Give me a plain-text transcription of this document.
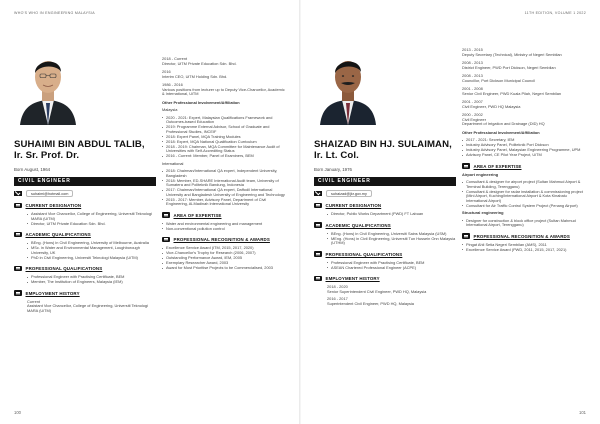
WHO'S WHO IN ENGINEERING MALAYSIA
SUHAIMI BIN ABDUL TALIB, Ir. Sr. Prof. Dr.
Born August, 1964
CIVIL ENGINEER
suhaimi@hotmail.com
CURRENT DESIGNATION
Assistant Vice Chancellor, College of Engineering, Universiti Teknologi MARA (UiTM)
Director, UiTM Private Education Sdn. Bhd.
ACADEMIC QUALIFICATIONS
BEng. (Hons) in Civil Engineering, University of Melbourne, Australia
MSc. in Water and Environmental Management, Loughborough University, UK
PhD in Civil Engineering, Universiti Teknologi Malaysia (UiTM)
PROFESSIONAL QUALIFICATIONS
Professional Engineer with Practising Certificate, BEM
Member, The Institution of Engineers, Malaysia (IEM)
EMPLOYMENT HISTORY

Current

Assistant Vice Chancellor, College of Engineering, Universiti Teknologi MARA (UiTM)

2018 - Current

Director, UiTM Private Education Sdn. Bhd.

2016

Interim CEO, UiTM Holding Sdn. Bhd.

1986 - 2016

Various positions from lecturer up to Deputy Vice-Chancellor, Academic & International, UiTM

Other Professional Involvement/Affiliation
Malaysia
2020 - 2021: Expert, Malaysian Qualifications Framework and Outcomes-based Education
2019: Programme External Advisor, School of Graduate and Professional Studies, INCEIF
2018: Expert Panel, MQA Training Modules
2018: Expert, MQA National Qualification Curriculum
2018 - 2019: Chairman, MQA Committee for Maintenance Audit of Universities with Self-Accrediting Status
2016 - Current: Member, Panel of Examiners, BEM
International
2018: Chairman/International QA expert, Independent University, Bangladesh
2018: Member, ED-SHARE International Audit team, University of Sumatera and Politeknik Bandung, Indonesia
2017: Chairman/International QA expert, Daffodil International University and Bangladesh University of Engineering and Technology
2015 - 2017: Member, Advisory Panel, Department of Civil Engineering, Al-Madinah International University
AREA OF EXPERTISE
Water and environmental engineering and management
Non-conventional pollution control
PROFESSIONAL RECOGNITION & AWARDS
Excellence Service Award (ITM, 2015, 2017, 2020)
Vice-Chancellor's Trophy for Research (2006, 2007)
Outstanding Performance Award, IEM, 2005
Exemplary Researcher Award, 2003
Award for Most Prioritise Projects to be Commercialised, 2003
100
11TH EDITION, VOLUME 1 2022
SHAIZAD BIN HJ. SULAIMAN, Ir. Lt. Col.
Born January, 1976
CIVIL ENGINEER
suhaizad@jkr.gov.my
CURRENT DESIGNATION
Director, Public Works Department (PWD) FT Labuan
ACADEMIC QUALIFICATIONS
BEng. (Hons) in Civil Engineering, Universiti Sains Malaysia (USM)
MEng. (Hons) in Civil Engineering, Universiti Tun Hussein Onn Malaysia (UTHM)
PROFESSIONAL QUALIFICATIONS
Professional Engineer with Practising Certificate, BEM
ASEAN Chartered Professional Engineer (ACPE)
EMPLOYMENT HISTORY

2018 - 2020

Senior Superintendent Civil Engineer, PWD HQ, Malaysia

2016 - 2017

Superintendent Civil Engineer, PWD HQ, Malaysia

2013 - 2015

Deputy Secretary (Technical), Ministry of Negeri Sembilan

2008 - 2013

District Engineer, PWD Port Dickson, Negeri Sembilan

2008 - 2013

Councillor, Port Dickson Municipal Council

2001 - 2008

Senior Civil Engineer, PWD Kuala Pilah, Negeri Sembilan

2001 - 2007

Civil Engineer, PWD HQ Malaysia

2000 - 2002

Civil Engineer

Department of Irrigation and Drainage (DID) HQ

Other Professional Involvement/Affiliation
2017 - 2021: Secretary, IEM
Industry Advisory Panel, Politeknik Port Dickson
Industry Advisory Panel, Malaysian Engineering Programme, UPM
Advisory Panel, CE Pilot Year Project, UiTM
AREA OF EXPERTISE
Airport engineering
Consultant & designer for airport project (Sultan Mahmud Airport & Terminal Building, Terengganu)
Consultant & designer for radar installation & commissioning project (Mini Airport, Kuching/International Airport & Kota Kinabalu International Airport)
Consultant for Air Traffic Control System Project (Penang Airport)
Structural engineering
Designer for construction & block office project (Sultan Mahmud International Airport, Terengganu)
PROFESSIONAL RECOGNITION & AWARDS
Pingat Ahli Setia Negeri Sembilan (AMS), 2011
Excellence Service Award (PWD, 2011, 2015, 2017, 2021)
101
